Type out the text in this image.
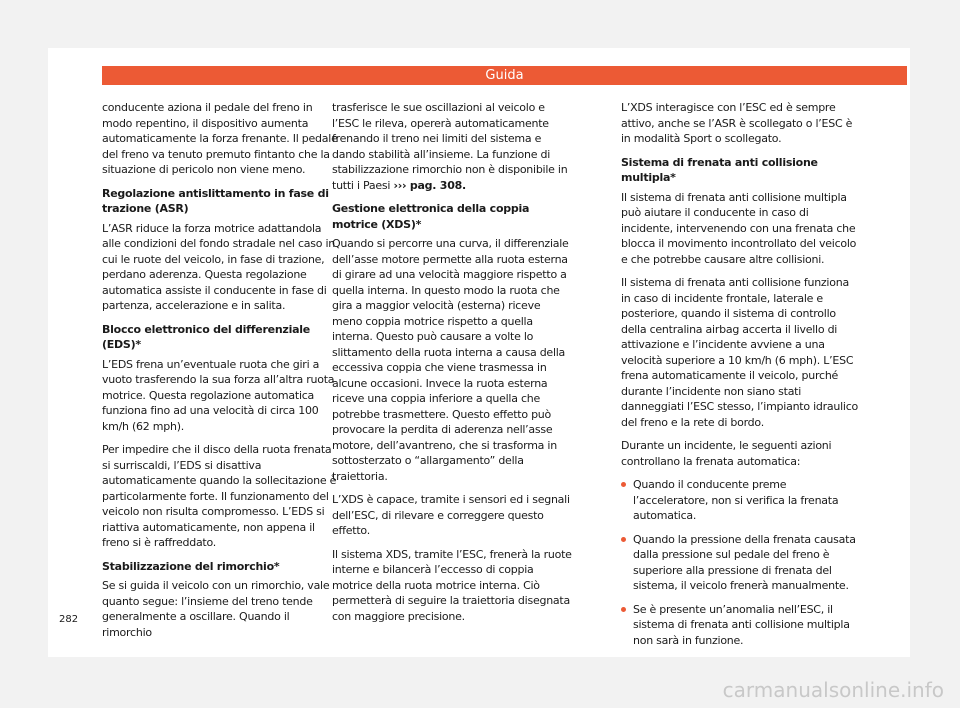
Guida

conducente aziona il pedale del freno in modo repentino, il dispositivo aumenta automaticamente la forza frenante. Il pedale del freno va tenuto premuto fintanto che la situazione di pericolo non viene meno.

Regolazione antislittamento in fase di trazione (ASR)

L’ASR riduce la forza motrice adattandola alle condizioni del fondo stradale nel caso in cui le ruote del veicolo, in fase di trazione, perdano aderenza. Questa regolazione automatica assiste il conducente in fase di partenza, accelerazione e in salita.

Blocco elettronico del differenziale (EDS)*

L’EDS frena un’eventuale ruota che giri a vuoto trasferendo la sua forza all’altra ruota motrice. Questa regolazione automatica funziona fino ad una velocità di circa 100 km/h (62 mph).

Per impedire che il disco della ruota frenata si surriscaldi, l’EDS si disattiva automaticamente quando la sollecitazione è particolarmente forte. Il funzionamento del veicolo non risulta compromesso. L’EDS si riattiva automaticamente, non appena il freno si è raffreddato.

Stabilizzazione del rimorchio*

Se si guida il veicolo con un rimorchio, vale quanto segue: l’insieme del treno tende generalmente a oscillare. Quando il rimorchio

trasferisce le sue oscillazioni al veicolo e l’ESC le rileva, opererà automaticamente frenando il treno nei limiti del sistema e dando stabilità all’insieme. La funzione di stabilizzazione rimorchio non è disponibile in tutti i Paesi ››› pag. 308.

Gestione elettronica della coppia motrice (XDS)*

Quando si percorre una curva, il differenziale dell’asse motore permette alla ruota esterna di girare ad una velocità maggiore rispetto a quella interna. In questo modo la ruota che gira a maggior velocità (esterna) riceve meno coppia motrice rispetto a quella interna. Questo può causare a volte lo slittamento della ruota interna a causa della eccessiva coppia che viene trasmessa in alcune occasioni. Invece la ruota esterna riceve una coppia inferiore a quella che potrebbe trasmettere. Questo effetto può provocare la perdita di aderenza nell’asse motore, dell’avantreno, che si trasforma in sottosterzato o “allargamento” della traiettoria.

L’XDS è capace, tramite i sensori ed i segnali dell’ESC, di rilevare e correggere questo effetto.

Il sistema XDS, tramite l’ESC, frenerà la ruote interne e bilancerà l’eccesso di coppia motrice della ruota motrice interna. Ciò permetterà di seguire la traiettoria disegnata con maggiore precisione.

L’XDS interagisce con l’ESC ed è sempre attivo, anche se l’ASR è scollegato o l’ESC è in modalità Sport o scollegato.

Sistema di frenata anti collisione multipla*

Il sistema di frenata anti collisione multipla può aiutare il conducente in caso di incidente, intervenendo con una frenata che blocca il movimento incontrollato del veicolo e che potrebbe causare altre collisioni.

Il sistema di frenata anti collisione funziona in caso di incidente frontale, laterale e posteriore, quando il sistema di controllo della centralina airbag accerta il livello di attivazione e l’incidente avviene a una velocità superiore a 10 km/h (6 mph). L’ESC frena automaticamente il veicolo, purché durante l’incidente non siano stati danneggiati l’ESC stesso, l’impianto idraulico del freno e la rete di bordo.

Durante un incidente, le seguenti azioni controllano la frenata automatica:

Quando il conducente preme l’acceleratore, non si verifica la frenata automatica.

Quando la pressione della frenata causata dalla pressione sul pedale del freno è superiore alla pressione di frenata del sistema, il veicolo frenerà manualmente.

Se è presente un’anomalia nell’ESC, il sistema di frenata anti collisione multipla non sarà in funzione.

282
carmanualsonline.info
